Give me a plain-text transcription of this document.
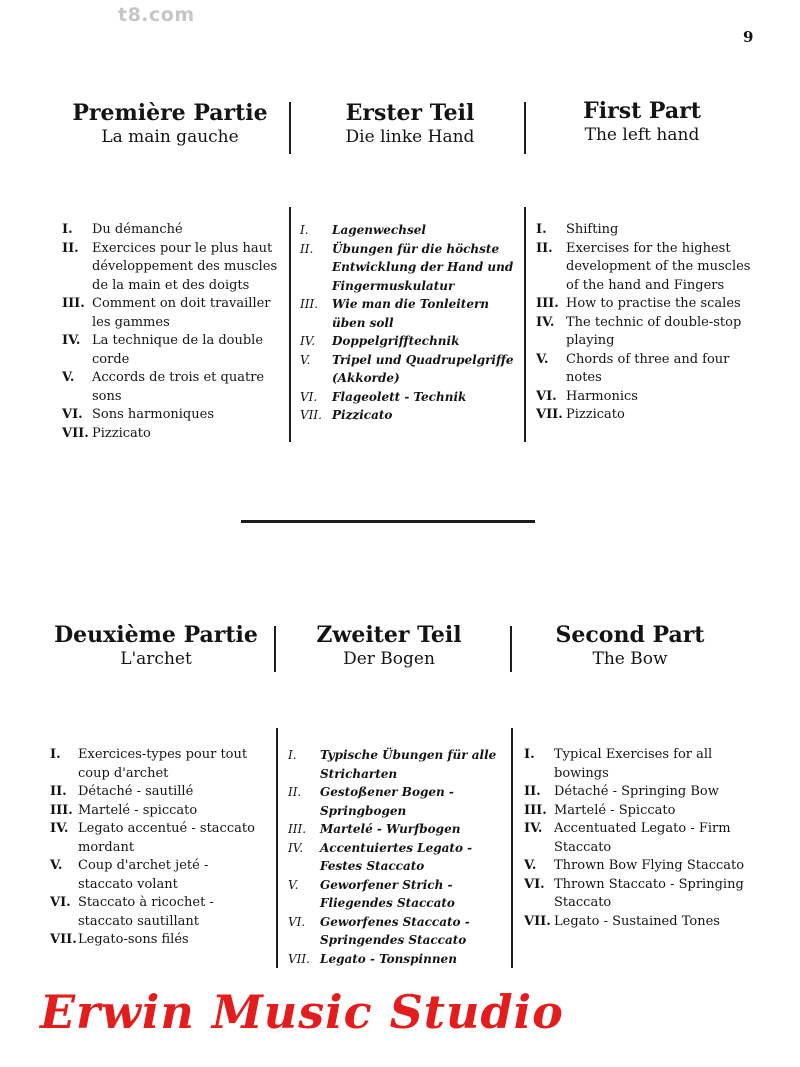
t8.com
9
Première Partie
La main gauche
Erster Teil
Die linke Hand
First Part
The left hand
I.	Du démanché
II.	Exercices pour le plus haut développement des muscles de la main et des doigts
III. Comment on doit travailler les gammes
IV. La technique de la double corde
V.	Accords de trois et quatre sons
VI. Sons harmoniques
VII. Pizzicato
I.	Lagenwechsel
II.	Übungen für die höchste Entwicklung der Hand und Fingermuskulatur
III.	Wie man die Tonleitern üben soll
IV.	Doppelgrifftechnik
V.	Tripel und Quadrupelgriffe (Akkorde)
VI.	Flageolett - Technik
VII. Pizzicato
I.	Shifting
II.	Exercises for the highest development of the muscles of the hand and Fingers
III. How to practise the scales
IV. The technic of double-stop playing
V.	Chords of three and four notes
VI. Harmonics
VII. Pizzicato
Deuxième Partie
L'archet
Zweiter Teil
Der Bogen
Second Part
The Bow
I.	Exercices-types pour tout coup d'archet
II. Détaché - sautillé
III. Martelé - spiccato
IV. Legato accentué - staccato mordant
V.	Coup d'archet jeté - staccato volant
VI. Staccato à ricochet - staccato sautillant
VII. Legato-sons filés
I.	Typische Übungen für alle Stricharten
II.	Gestoßener Bogen - Springbogen
III.	Martelé - Wurfbogen
IV.	Accentuiertes Legato - Festes Staccato
V.	Geworfener Strich - Fliegendes Staccato
VI.	Geworfenes Staccato - Springendes Staccato
VII. Legato - Tonspinnen
I.	Typical Exercises for all bowings
II.	Détaché - Springing Bow
III. Martelé - Spiccato
IV. Accentuated Legato - Firm Staccato
V.	Thrown Bow Flying Staccato
VI. Thrown Staccato - Springing Staccato
VII. Legato - Sustained Tones
Erwin Music Studio
